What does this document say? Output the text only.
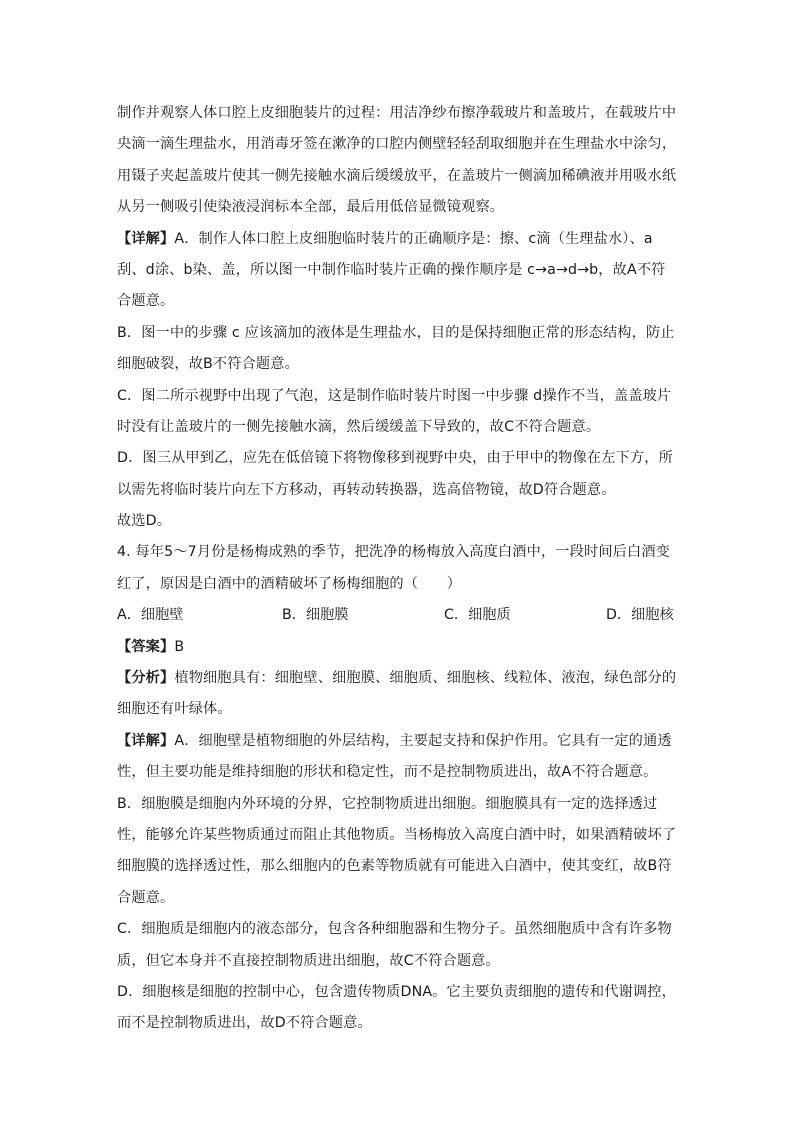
制作并观察人体口腔上皮细胞装片的过程：用洁净纱布擦净载玻片和盖玻片，在载玻片中
央滴一滴生理盐水，用消毒牙签在漱净的口腔内侧壁轻轻刮取细胞并在生理盐水中涂匀，
用镊子夹起盖玻片使其一侧先接触水滴后缓缓放平，在盖玻片一侧滴加稀碘液并用吸水纸
从另一侧吸引使染液浸润标本全部，最后用低倍显微镜观察。
【详解】A．制作人体口腔上皮细胞临时装片的正确顺序是：擦、c滴（生理盐水）、a
刮、d涂、b染、盖，所以图一中制作临时装片正确的操作顺序是 c→a→d→b，故A不符
合题意。
B．图一中的步骤 c 应该滴加的液体是生理盐水，目的是保持细胞正常的形态结构，防止
细胞破裂，故B不符合题意。
C．图二所示视野中出现了气泡，这是制作临时装片时图一中步骤 d操作不当，盖盖玻片
时没有让盖玻片的一侧先接触水滴，然后缓缓盖下导致的，故C不符合题意。
D．图三从甲到乙，应先在低倍镜下将物像移到视野中央，由于甲中的物像在左下方，所
以需先将临时装片向左下方移动，再转动转换器，选高倍物镜，故D符合题意。
故选D。
4. 每年5～7月份是杨梅成熟的季节，把洗净的杨梅放入高度白酒中，一段时间后白酒变
红了，原因是白酒中的酒精破坏了杨梅细胞的（　　）
A．细胞壁	B．细胞膜	C．细胞质	D．细胞核
【答案】B
【分析】植物细胞具有：细胞壁、细胞膜、细胞质、细胞核、线粒体、液泡，绿色部分的
细胞还有叶绿体。
【详解】A．细胞壁是植物细胞的外层结构，主要起支持和保护作用。它具有一定的通透
性，但主要功能是维持细胞的形状和稳定性，而不是控制物质进出，故A不符合题意。
B．细胞膜是细胞内外环境的分界，它控制物质进出细胞。细胞膜具有一定的选择透过
性，能够允许某些物质通过而阻止其他物质。当杨梅放入高度白酒中时，如果酒精破坏了
细胞膜的选择透过性，那么细胞内的色素等物质就有可能进入白酒中，使其变红，故B符
合题意。
C．细胞质是细胞内的液态部分，包含各种细胞器和生物分子。虽然细胞质中含有许多物
质，但它本身并不直接控制物质进出细胞，故C不符合题意。
D．细胞核是细胞的控制中心，包含遗传物质DNA。它主要负责细胞的遗传和代谢调控，
而不是控制物质进出，故D不符合题意。
